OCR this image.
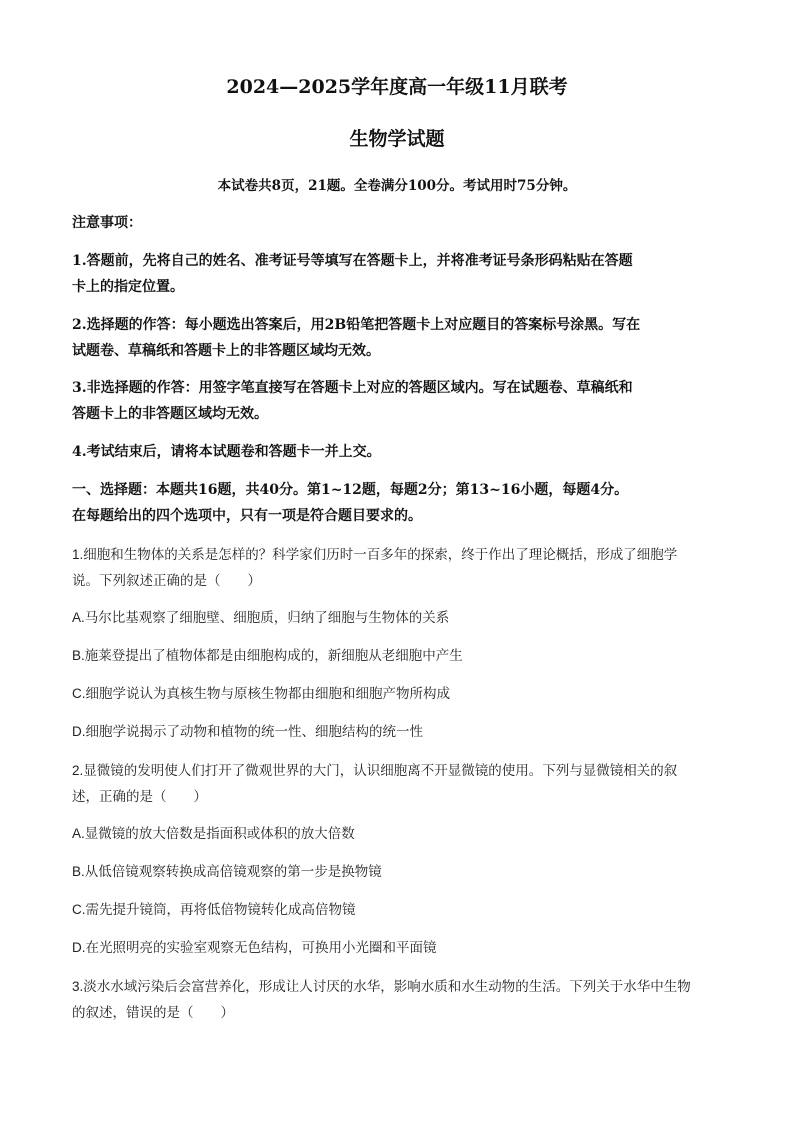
2024—2025学年度高一年级11月联考
生物学试题
本试卷共8页，21题。全卷满分100分。考试用时75分钟。
注意事项：
1.答题前，先将自己的姓名、准考证号等填写在答题卡上，并将准考证号条形码粘贴在答题
卡上的指定位置。
2.选择题的作答：每小题选出答案后，用2B铅笔把答题卡上对应题目的答案标号涂黑。写在
试题卷、草稿纸和答题卡上的非答题区域均无效。
3.非选择题的作答：用签字笔直接写在答题卡上对应的答题区域内。写在试题卷、草稿纸和
答题卡上的非答题区域均无效。
4.考试结束后，请将本试题卷和答题卡一并上交。
一、选择题：本题共16题，共40分。第1~12题，每题2分；第13~16小题，每题4分。
在每题给出的四个选项中，只有一项是符合题目要求的。
1.细胞和生物体的关系是怎样的？科学家们历时一百多年的探索，终于作出了理论概括，形成了细胞学
说。下列叙述正确的是（　　）
A.马尔比基观察了细胞壁、细胞质，归纳了细胞与生物体的关系
B.施莱登提出了植物体都是由细胞构成的，新细胞从老细胞中产生
C.细胞学说认为真核生物与原核生物都由细胞和细胞产物所构成
D.细胞学说揭示了动物和植物的统一性、细胞结构的统一性
2.显微镜的发明使人们打开了微观世界的大门，认识细胞离不开显微镜的使用。下列与显微镜相关的叙
述，正确的是（　　）
A.显微镜的放大倍数是指面积或体积的放大倍数
B.从低倍镜观察转换成高倍镜观察的第一步是换物镜
C.需先提升镜筒，再将低倍物镜转化成高倍物镜
D.在光照明亮的实验室观察无色结构，可换用小光圈和平面镜
3.淡水水域污染后会富营养化，形成让人讨厌的水华，影响水质和水生动物的生活。下列关于水华中生物
的叙述，错误的是（　　）
